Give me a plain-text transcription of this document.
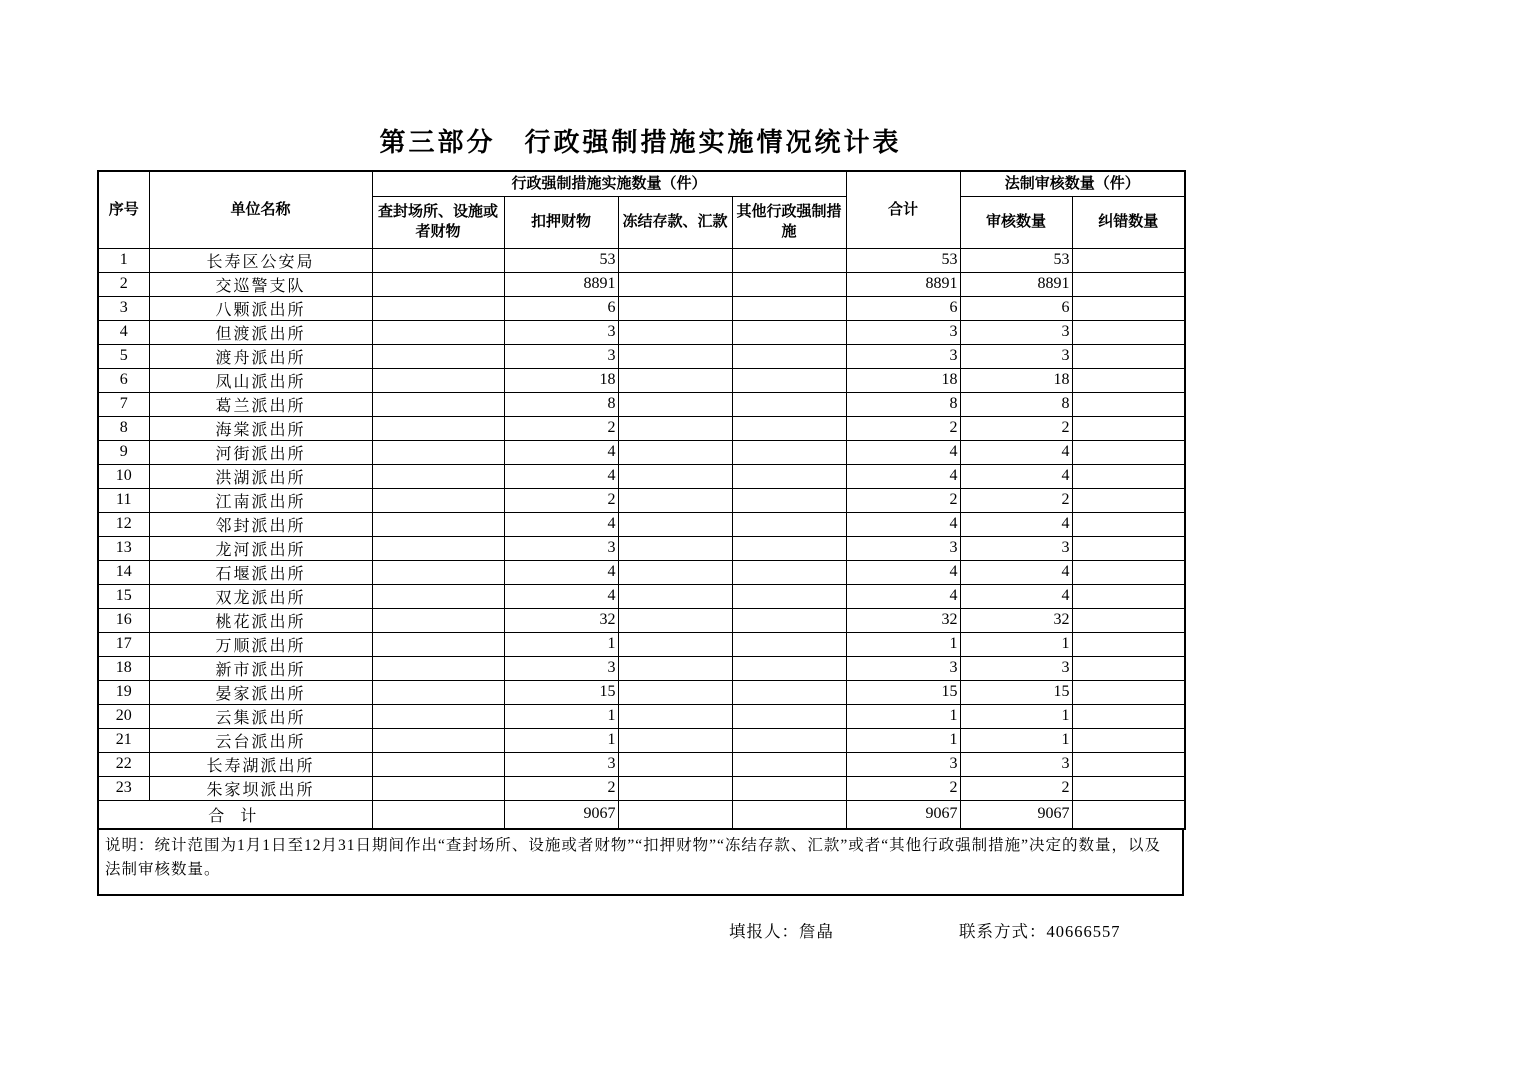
第三部分　行政强制措施实施情况统计表
序号	单位名称	行政强制措施实施数量（件）				合计	法制审核数量（件）	
		查封场所、设施或者财物	扣押财物	冻结存款、汇款	其他行政强制措施		审核数量	纠错数量
1	长寿区公安局		53			53	53	
2	交巡警支队		8891			8891	8891	
3	八颗派出所		6			6	6	
4	但渡派出所		3			3	3	
5	渡舟派出所		3			3	3	
6	凤山派出所		18			18	18	
7	葛兰派出所		8			8	8	
8	海棠派出所		2			2	2	
9	河街派出所		4			4	4	
10	洪湖派出所		4			4	4	
11	江南派出所		2			2	2	
12	邻封派出所		4			4	4	
13	龙河派出所		3			3	3	
14	石堰派出所		4			4	4	
15	双龙派出所		4			4	4	
16	桃花派出所		32			32	32	
17	万顺派出所		1			1	1	
18	新市派出所		3			3	3	
19	晏家派出所		15			15	15	
20	云集派出所		1			1	1	
21	云台派出所		1			1	1	
22	长寿湖派出所		3			3	3	
23	朱家坝派出所		2			2	2	
合 计			9067			9067	9067	
说明：统计范围为1月1日至12月31日期间作出“查封场所、设施或者财物”“扣押财物”“冻结存款、汇款”或者“其他行政强制措施”决定的数量，以及法制审核数量。
填报人：詹皛	联系方式：40666557
